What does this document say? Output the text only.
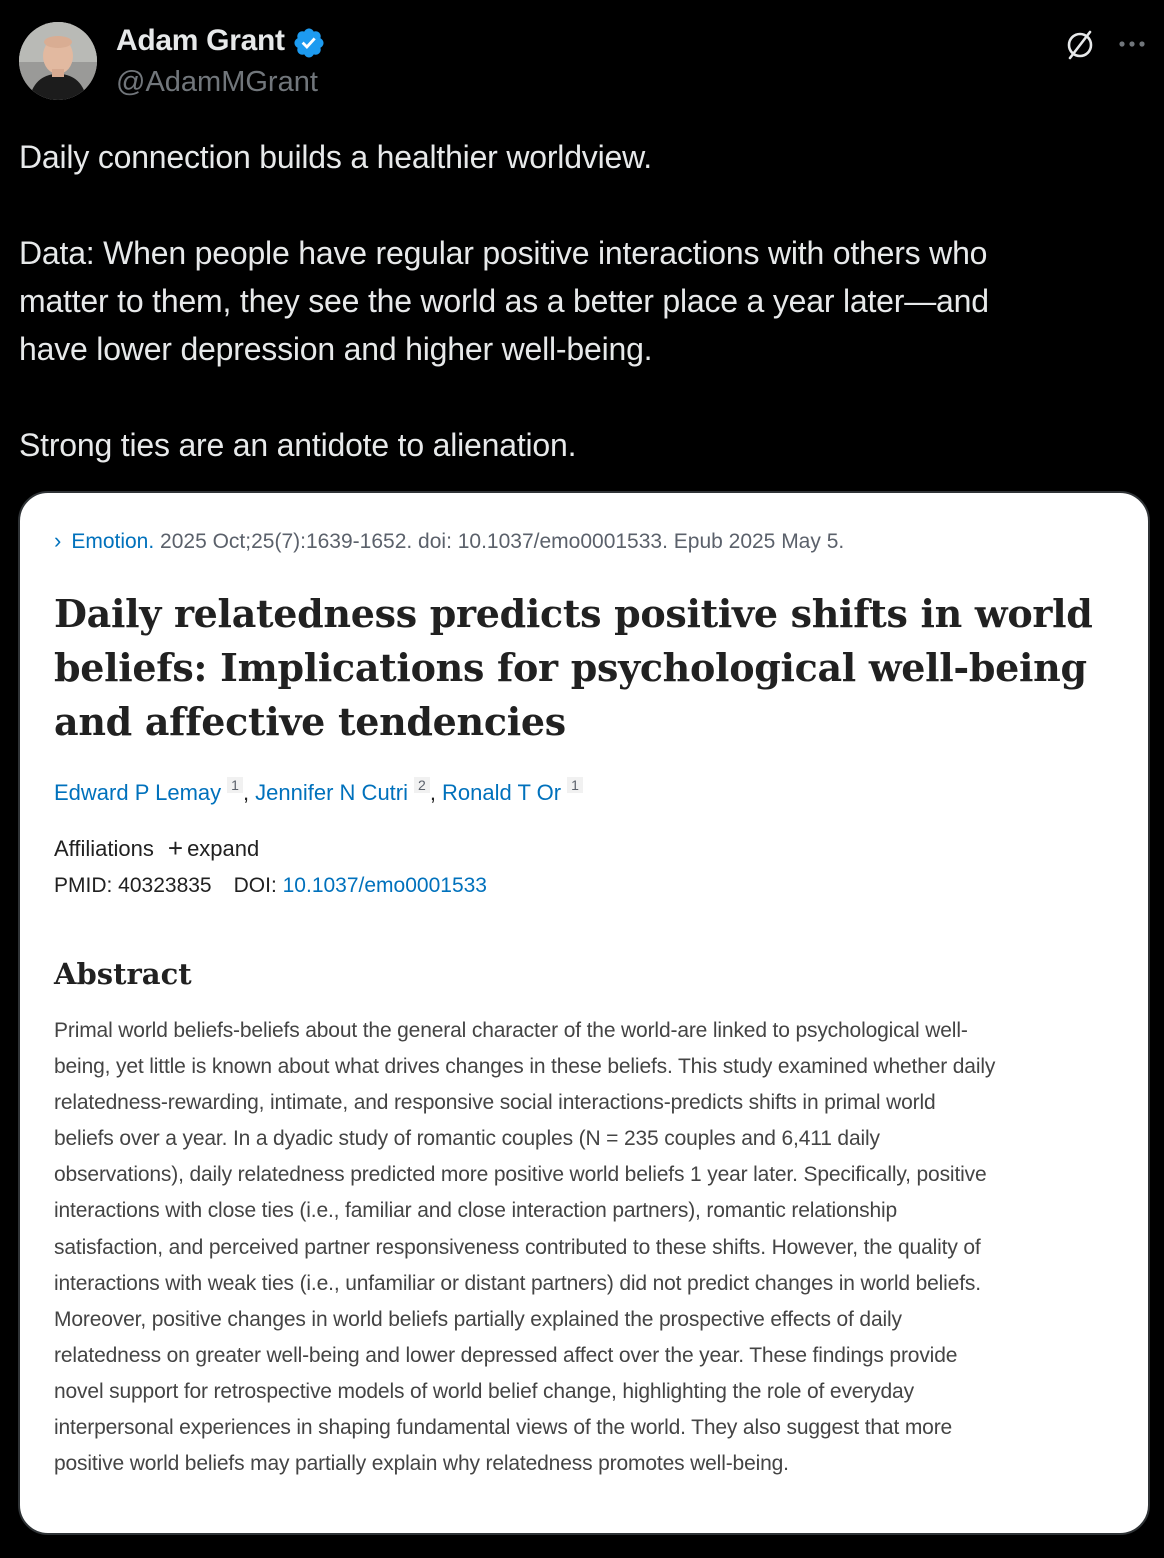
Adam Grant
@AdamMGrant

Daily connection builds a healthier worldview.

Data: When people have regular positive interactions with others who
matter to them, they see the world as a better place a year later—and
have lower depression and higher well-being.

Strong ties are an antidote to alienation.

› Emotion. 2025 Oct;25(7):1639-1652. doi: 10.1037/emo0001533. Epub 2025 May 5.
Daily relatedness predicts positive shifts in world
beliefs: Implications for psychological well-being
and affective tendencies
Edward P Lemay $^1$ , Jennifer N Cutri $^2$ , Ronald T Or $^1$
Affiliations + expand
PMID: 40323835 DOI: 10.1037/emo0001533
Abstract
Primal world beliefs-beliefs about the general character of the world-are linked to psychological well-
being, yet little is known about what drives changes in these beliefs. This study examined whether daily
relatedness-rewarding, intimate, and responsive social interactions-predicts shifts in primal world
beliefs over a year. In a dyadic study of romantic couples (N = 235 couples and 6,411 daily
observations), daily relatedness predicted more positive world beliefs 1 year later. Specifically, positive
interactions with close ties (i.e., familiar and close interaction partners), romantic relationship
satisfaction, and perceived partner responsiveness contributed to these shifts. However, the quality of
interactions with weak ties (i.e., unfamiliar or distant partners) did not predict changes in world beliefs.
Moreover, positive changes in world beliefs partially explained the prospective effects of daily
relatedness on greater well-being and lower depressed affect over the year. These findings provide
novel support for retrospective models of world belief change, highlighting the role of everyday
interpersonal experiences in shaping fundamental views of the world. They also suggest that more
positive world beliefs may partially explain why relatedness promotes well-being.
